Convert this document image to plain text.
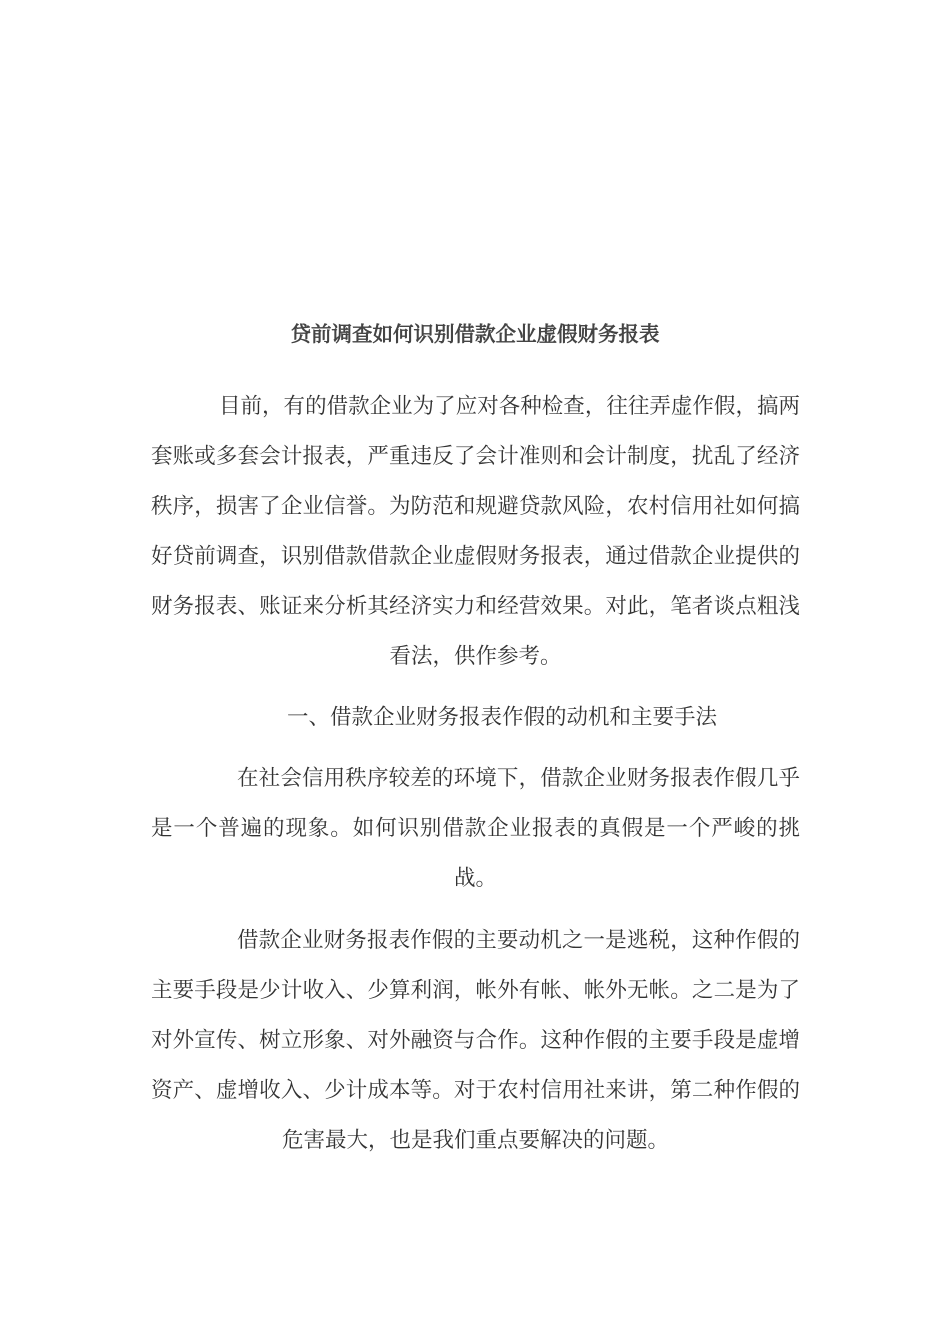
贷前调查如何识别借款企业虚假财务报表

目前，有的借款企业为了应对各种检查，往往弄虚作假，搞两套账或多套会计报表，严重违反了会计准则和会计制度，扰乱了经济秩序，损害了企业信誉。为防范和规避贷款风险，农村信用社如何搞好贷前调查，识别借款借款企业虚假财务报表，通过借款企业提供的财务报表、账证来分析其经济实力和经营效果。对此，笔者谈点粗浅看法，供作参考。

一、借款企业财务报表作假的动机和主要手法

在社会信用秩序较差的环境下，借款企业财务报表作假几乎是一个普遍的现象。如何识别借款企业报表的真假是一个严峻的挑战。

借款企业财务报表作假的主要动机之一是逃税，这种作假的主要手段是少计收入、少算利润，帐外有帐、帐外无帐。之二是为了对外宣传、树立形象、对外融资与合作。这种作假的主要手段是虚增资产、虚增收入、少计成本等。对于农村信用社来讲，第二种作假的危害最大，也是我们重点要解决的问题。
